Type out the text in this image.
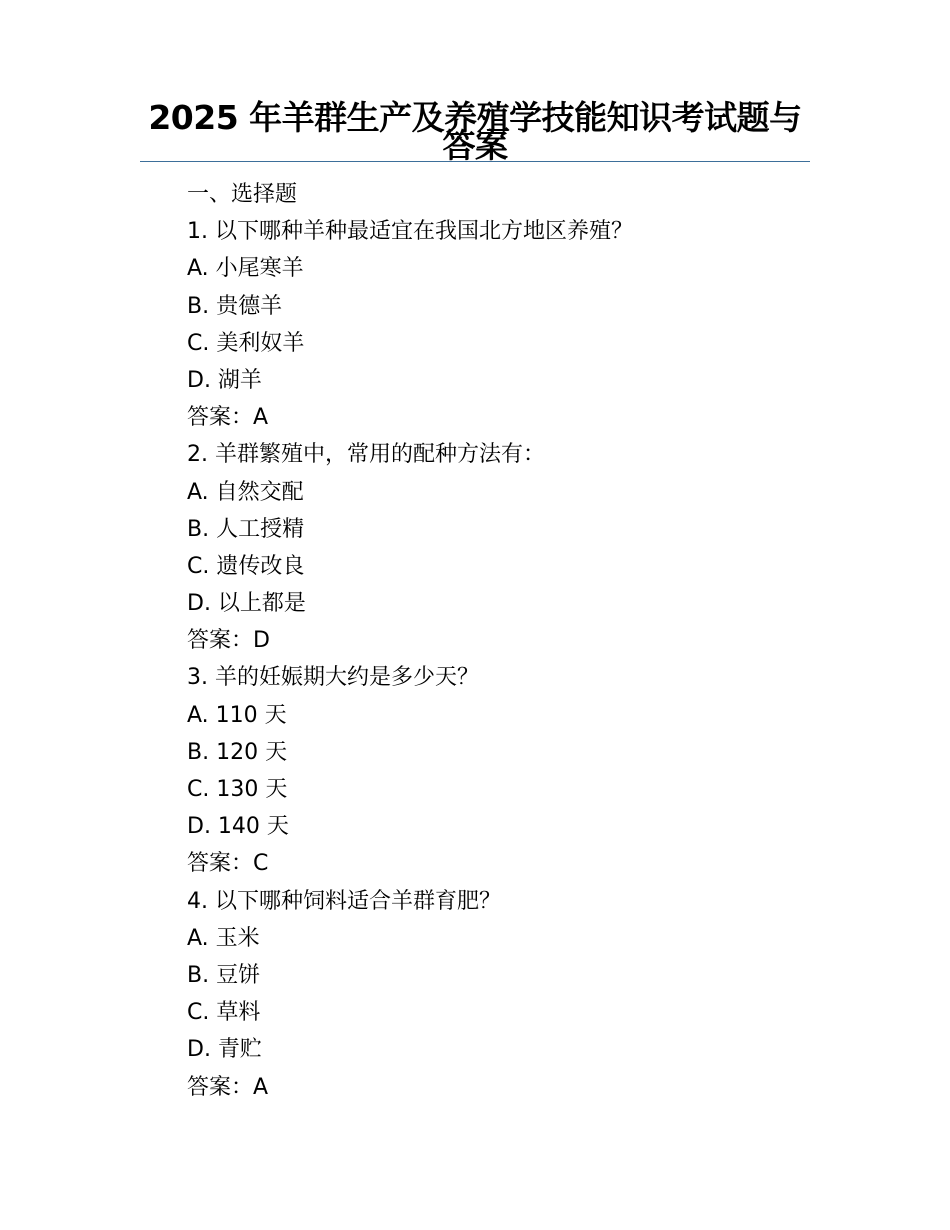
2025 年羊群生产及养殖学技能知识考试题与答案
一、选择题
1. 以下哪种羊种最适宜在我国北方地区养殖？
A. 小尾寒羊
B. 贵德羊
C. 美利奴羊
D. 湖羊
答案：A
2. 羊群繁殖中，常用的配种方法有：
A. 自然交配
B. 人工授精
C. 遗传改良
D. 以上都是
答案：D
3. 羊的妊娠期大约是多少天？
A. 110 天
B. 120 天
C. 130 天
D. 140 天
答案：C
4. 以下哪种饲料适合羊群育肥？
A. 玉米
B. 豆饼
C. 草料
D. 青贮
答案：A
